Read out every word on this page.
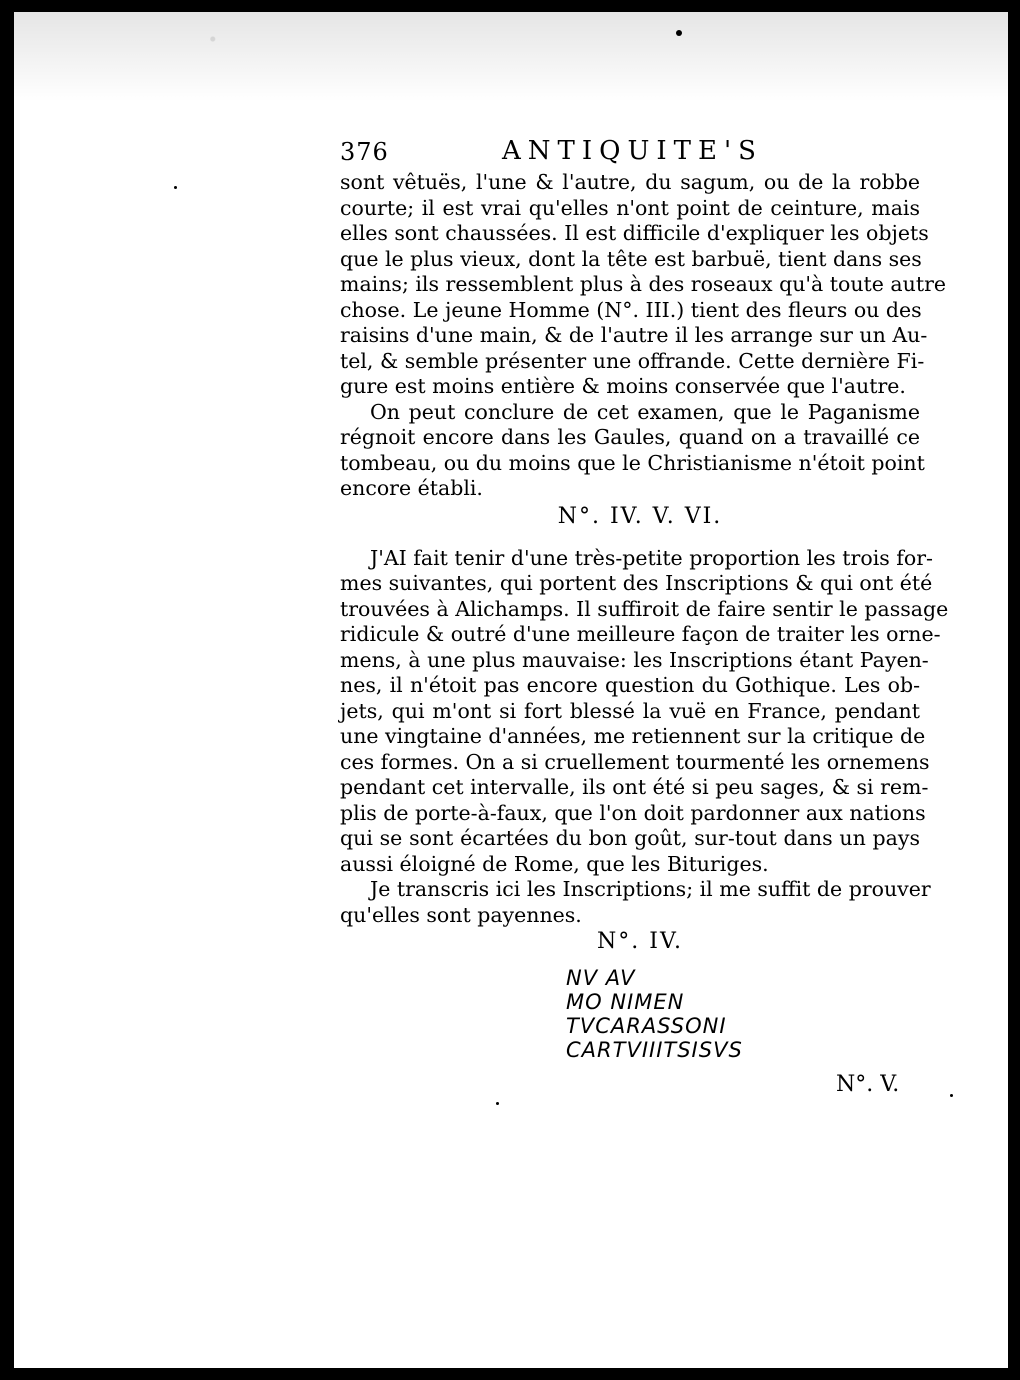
376	ANTIQUITE'S

sont vêtuës, l'une & l'autre, du sagum, ou de la robbe

courte; il est vrai qu'elles n'ont point de ceinture, mais

elles sont chaussées. Il est difficile d'expliquer les objets

que le plus vieux, dont la tête est barbuë, tient dans ses

mains; ils ressemblent plus à des roseaux qu'à toute autre

chose. Le jeune Homme (N°. III.) tient des fleurs ou des

raisins d'une main, & de l'autre il les arrange sur un Au-

tel, & semble présenter une offrande. Cette dernière Fi-

gure est moins entière & moins conservée que l'autre.

On peut conclure de cet examen, que le Paganisme

régnoit encore dans les Gaules, quand on a travaillé ce

tombeau, ou du moins que le Christianisme n'étoit point

encore établi.

N°. IV. V. VI.

J'AI fait tenir d'une très-petite proportion les trois for-

mes suivantes, qui portent des Inscriptions & qui ont été

trouvées à Alichamps. Il suffiroit de faire sentir le passage

ridicule & outré d'une meilleure façon de traiter les orne-

mens, à une plus mauvaise: les Inscriptions étant Payen-

nes, il n'étoit pas encore question du Gothique. Les ob-

jets, qui m'ont si fort blessé la vuë en France, pendant

une vingtaine d'années, me retiennent sur la critique de

ces formes. On a si cruellement tourmenté les ornemens

pendant cet intervalle, ils ont été si peu sages, & si rem-

plis de porte-à-faux, que l'on doit pardonner aux nations

qui se sont écartées du bon goût, sur-tout dans un pays

aussi éloigné de Rome, que les Bituriges.

Je transcris ici les Inscriptions; il me suffit de prouver

qu'elles sont payennes.

N°. IV.
NV AV
MO NIMEN
TVCARASSONI
CARTVIIITSISVS
N°. V.
